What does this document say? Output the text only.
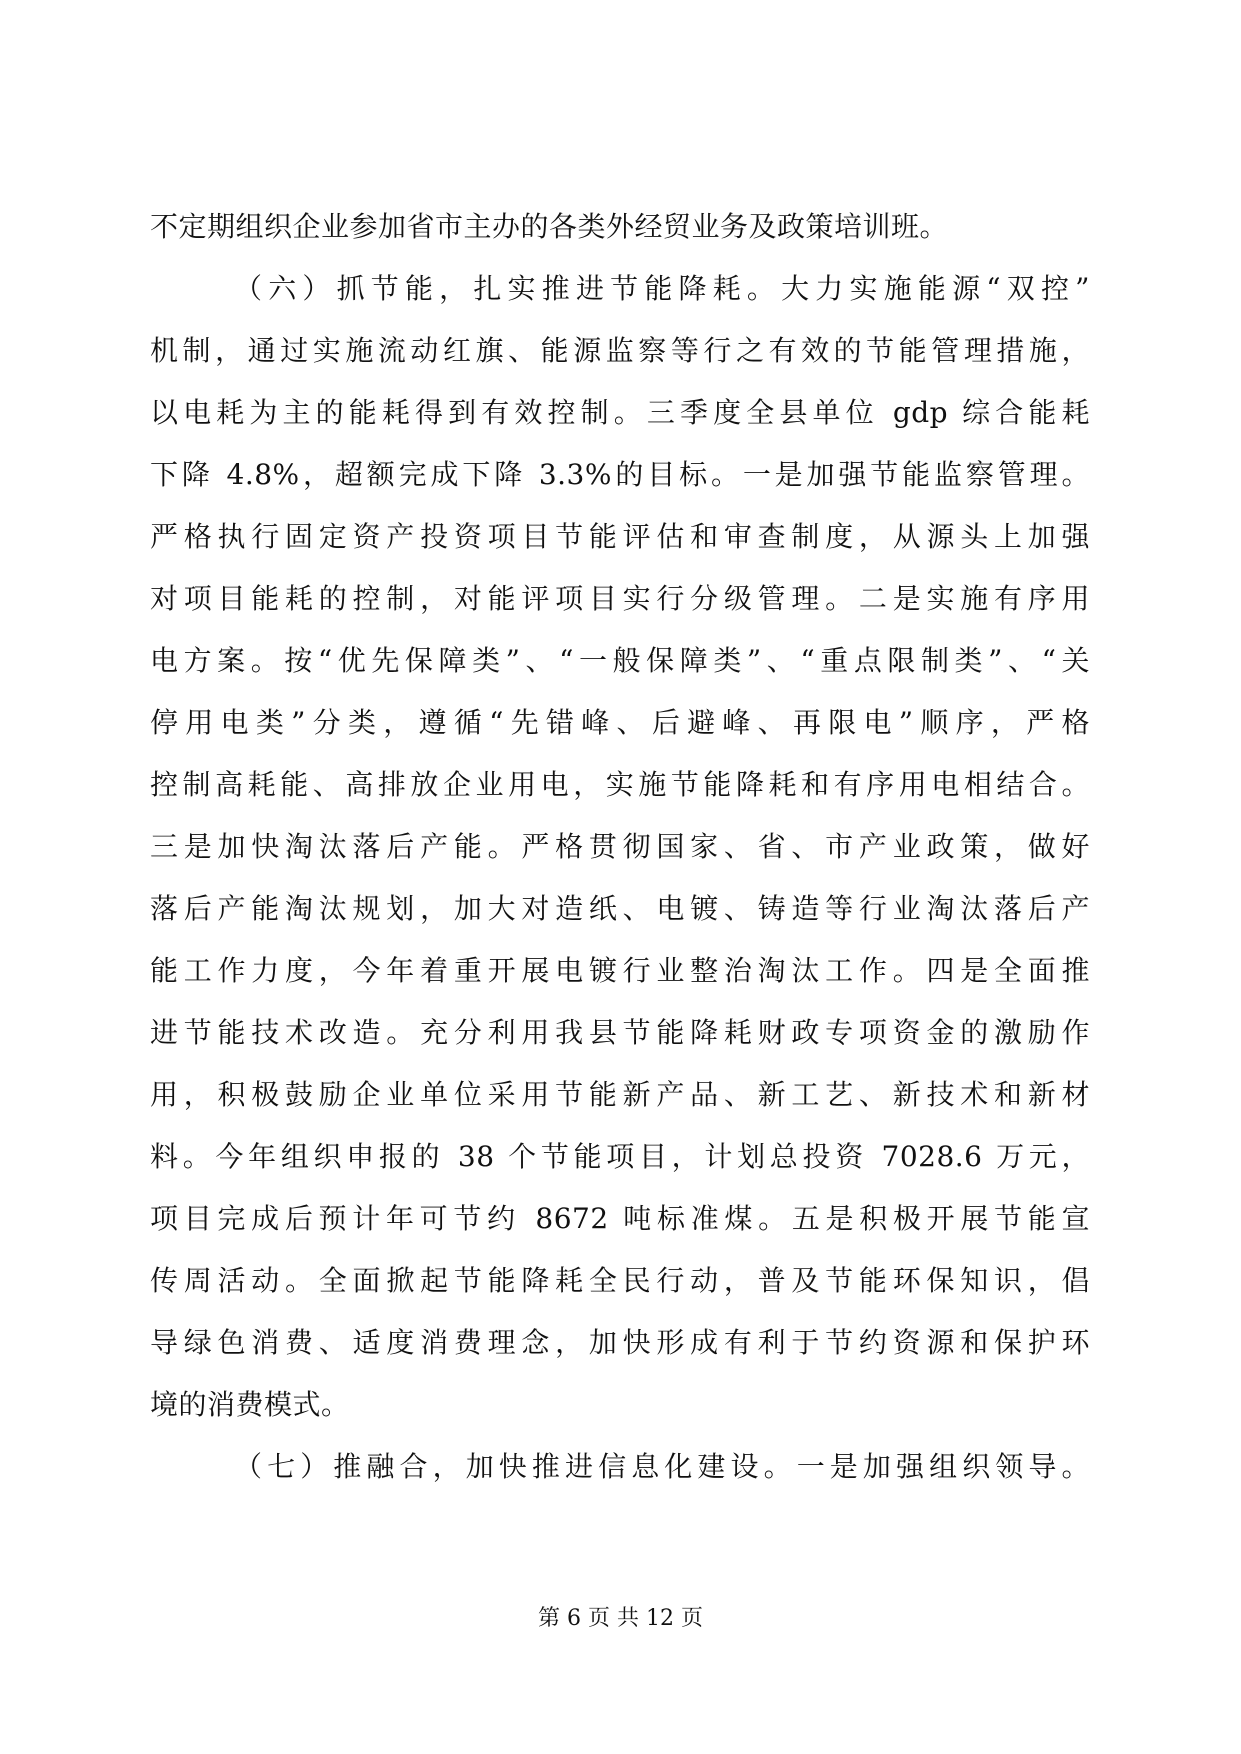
不定期组织企业参加省市主办的各类外经贸业务及政策培训班。
（六）抓节能，扎实推进节能降耗。大力实施能源“双控”
机制，通过实施流动红旗、能源监察等行之有效的节能管理措施，
以电耗为主的能耗得到有效控制。三季度全县单位 gdp 综合能耗
下降 4.8%，超额完成下降 3.3%的目标。一是加强节能监察管理。
严格执行固定资产投资项目节能评估和审查制度，从源头上加强
对项目能耗的控制，对能评项目实行分级管理。二是实施有序用
电方案。按“优先保障类”、“一般保障类”、“重点限制类”、“关
停用电类”分类，遵循“先错峰、后避峰、再限电”顺序，严格
控制高耗能、高排放企业用电，实施节能降耗和有序用电相结合。
三是加快淘汰落后产能。严格贯彻国家、省、市产业政策，做好
落后产能淘汰规划，加大对造纸、电镀、铸造等行业淘汰落后产
能工作力度，今年着重开展电镀行业整治淘汰工作。四是全面推
进节能技术改造。充分利用我县节能降耗财政专项资金的激励作
用，积极鼓励企业单位采用节能新产品、新工艺、新技术和新材
料。今年组织申报的 38 个节能项目，计划总投资 7028.6 万元，
项目完成后预计年可节约 8672 吨标准煤。五是积极开展节能宣
传周活动。全面掀起节能降耗全民行动，普及节能环保知识，倡
导绿色消费、适度消费理念，加快形成有利于节约资源和保护环
境的消费模式。
（七）推融合，加快推进信息化建设。一是加强组织领导。
第 6 页 共 12 页
